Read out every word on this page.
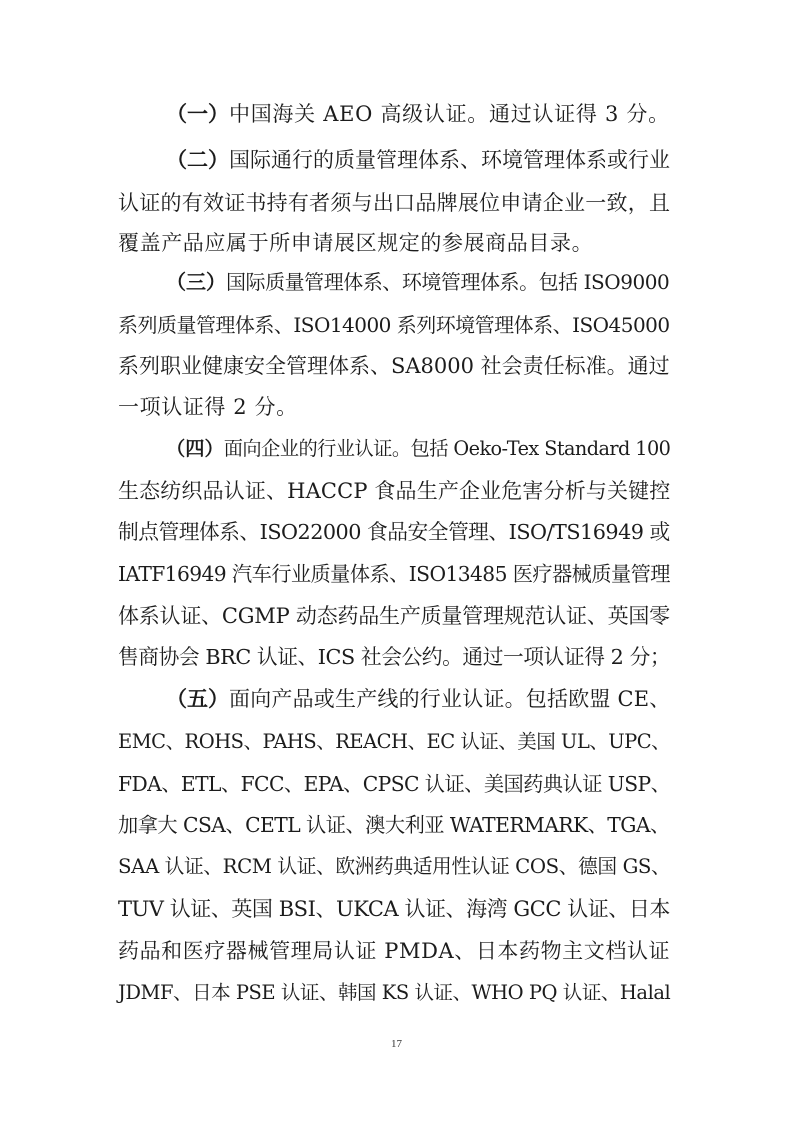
（一）中国海关 AEO 高级认证。通过认证得 3 分。
（二）国际通行的质量管理体系、环境管理体系或行业
认证的有效证书持有者须与出口品牌展位申请企业一致，且
覆盖产品应属于所申请展区规定的参展商品目录。
（三）国际质量管理体系、环境管理体系。包括 ISO9000
系列质量管理体系、ISO14000 系列环境管理体系、ISO45000
系列职业健康安全管理体系、SA8000 社会责任标准。通过
一项认证得 2 分。
（四）面向企业的行业认证。包括 Oeko-Tex Standard 100
生态纺织品认证、HACCP 食品生产企业危害分析与关键控
制点管理体系、ISO22000 食品安全管理、ISO/TS16949 或
IATF16949 汽车行业质量体系、ISO13485 医疗器械质量管理
体系认证、CGMP 动态药品生产质量管理规范认证、英国零
售商协会 BRC 认证、ICS 社会公约。通过一项认证得 2 分；
（五）面向产品或生产线的行业认证。包括欧盟 CE、
EMC、ROHS、PAHS、REACH、EC 认证、美国 UL、UPC、
FDA、ETL、FCC、EPA、CPSC 认证、美国药典认证 USP、
加拿大 CSA、CETL 认证、澳大利亚 WATERMARK、TGA、
SAA 认证、RCM 认证、欧洲药典适用性认证 COS、德国 GS、
TUV 认证、英国 BSI、UKCA 认证、海湾 GCC 认证、日本
药品和医疗器械管理局认证 PMDA、日本药物主文档认证
JDMF、日本 PSE 认证、韩国 KS 认证、WHO PQ 认证、Halal
17
